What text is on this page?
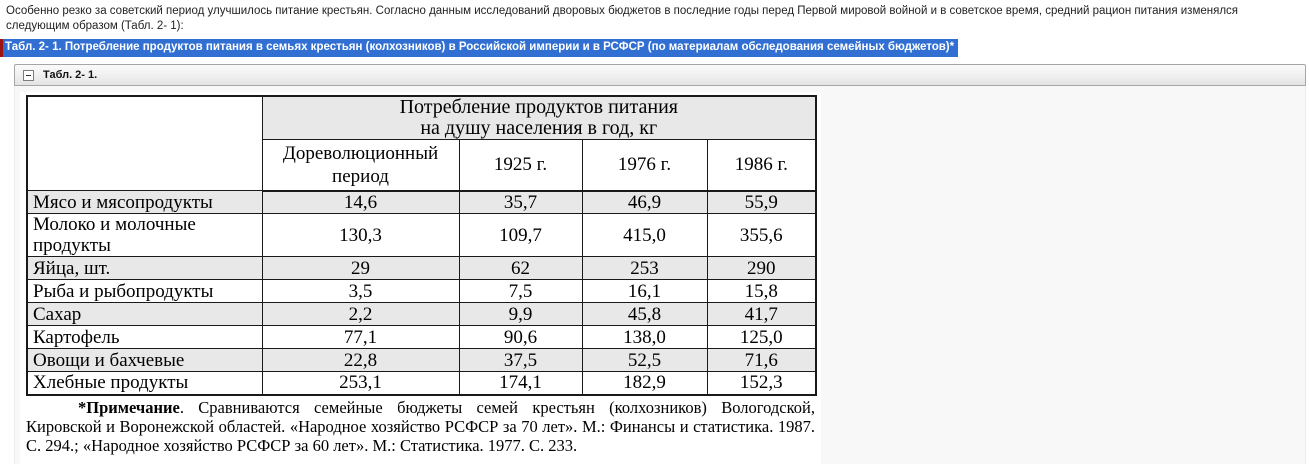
Особенно резко за советский период улучшилось питание крестьян. Согласно данным исследований дворовых бюджетов в последние годы перед Первой мировой войной и в советское время, средний рацион питания изменялся следующим образом (Табл. 2- 1):
Табл. 2- 1. Потребление продуктов питания в семьях крестьян (колхозников) в Российской империи и в РСФСР (по материалам обследования семейных бюджетов)*
Табл. 2- 1.

	Потребление продуктов питания
на душу населения в год, кг			

	Дореволюционный период	1925 г.	1976 г.	1986 г.
Мясо и мясопродукты	14,6	35,7	46,9	55,9
Молоко и молочные продукты	130,3	109,7	415,0	355,6
Яйца, шт.	29	62	253	290
Рыба и рыбопродукты	3,5	7,5	16,1	15,8
Сахар	2,2	9,9	45,8	41,7
Картофель	77,1	90,6	138,0	125,0
Овощи и бахчевые	22,8	37,5	52,5	71,6
Хлебные продукты	253,1	174,1	182,9	152,3
*Примечание. Сравниваются семейные бюджеты семей крестьян (колхозников) Вологодской, Кировской и Воронежской областей. «Народное хозяйство РСФСР за 70 лет». М.: Финансы и статистика. 1987. С. 294.; «Народное хозяйство РСФСР за 60 лет». М.: Статистика. 1977. С. 233.
